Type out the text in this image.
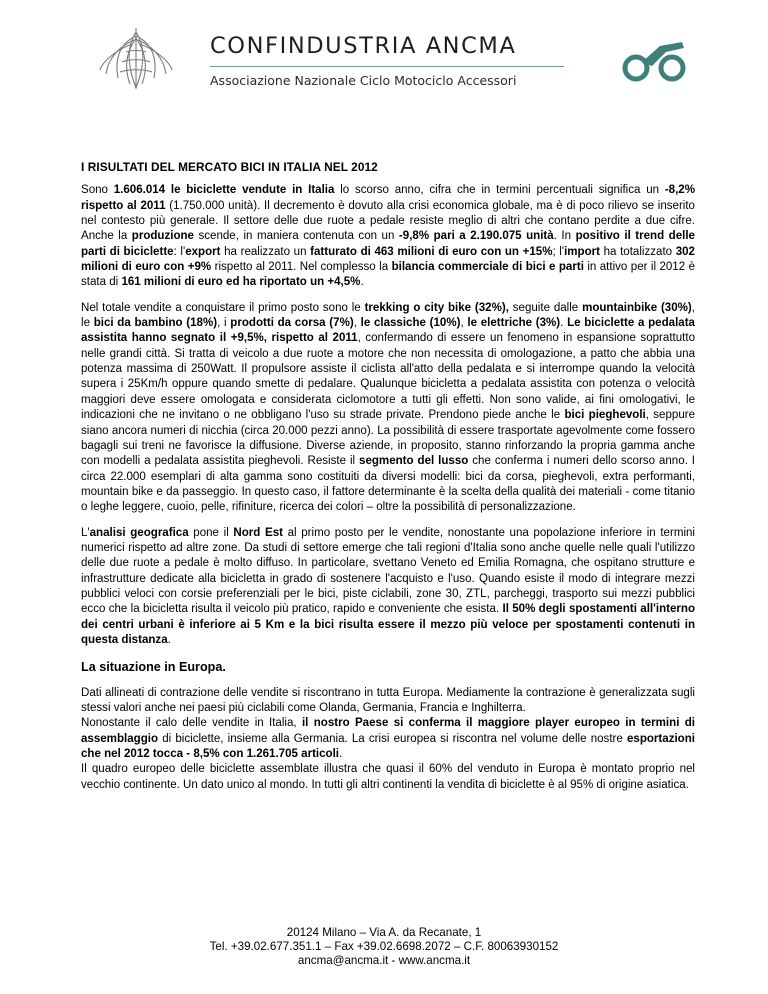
CONFINDUSTRIA ANCMA
Associazione Nazionale Ciclo Motociclo Accessori
I RISULTATI DEL MERCATO BICI IN ITALIA NEL 2012

Sono 1.606.014 le biciclette vendute in Italia lo scorso anno, cifra che in termini percentuali significa un -8,2% rispetto al 2011 (1.750.000 unità). Il decremento è dovuto alla crisi economica globale, ma è di poco rilievo se inserito nel contesto più generale. Il settore delle due ruote a pedale resiste meglio di altri che contano perdite a due cifre. Anche la produzione scende, in maniera contenuta con un -9,8% pari a 2.190.075 unità. In positivo il trend delle parti di biciclette: l'export ha realizzato un fatturato di 463 milioni di euro con un +15%; l'import ha totalizzato 302 milioni di euro con +9% rispetto al 2011. Nel complesso la bilancia commerciale di bici e parti in attivo per il 2012 è stata di 161 milioni di euro ed ha riportato un +4,5%.

Nel totale vendite a conquistare il primo posto sono le trekking o city bike (32%), seguite dalle mountainbike (30%), le bici da bambino (18%), i prodotti da corsa (7%), le classiche (10%), le elettriche (3%). Le biciclette a pedalata assistita hanno segnato il +9,5%, rispetto al 2011, confermando di essere un fenomeno in espansione soprattutto nelle grandi città. Si tratta di veicolo a due ruote a motore che non necessita di omologazione, a patto che abbia una potenza massima di 250Watt. Il propulsore assiste il ciclista all'atto della pedalata e si interrompe quando la velocità supera i 25Km/h oppure quando smette di pedalare. Qualunque bicicletta a pedalata assistita con potenza o velocità maggiori deve essere omologata e considerata ciclomotore a tutti gli effetti. Non sono valide, ai fini omologativi, le indicazioni che ne invitano o ne obbligano l'uso su strade private. Prendono piede anche le bici pieghevoli, seppure siano ancora numeri di nicchia (circa 20.000 pezzi anno). La possibilità di essere trasportate agevolmente come fossero bagagli sui treni ne favorisce la diffusione. Diverse aziende, in proposito, stanno rinforzando la propria gamma anche con modelli a pedalata assistita pieghevoli. Resiste il segmento del lusso che conferma i numeri dello scorso anno. I circa 22.000 esemplari di alta gamma sono costituiti da diversi modelli: bici da corsa, pieghevoli, extra performanti, mountain bike e da passeggio. In questo caso, il fattore determinante è la scelta della qualità dei materiali - come titanio o leghe leggere, cuoio, pelle, rifiniture, ricerca dei colori – oltre la possibilità di personalizzazione.

L'analisi geografica pone il Nord Est al primo posto per le vendite, nonostante una popolazione inferiore in termini numerici rispetto ad altre zone. Da studi di settore emerge che tali regioni d'Italia sono anche quelle nelle quali l'utilizzo delle due ruote a pedale è molto diffuso. In particolare, svettano Veneto ed Emilia Romagna, che ospitano strutture e infrastrutture dedicate alla bicicletta in grado di sostenere l'acquisto e l'uso. Quando esiste il modo di integrare mezzi pubblici veloci con corsie preferenziali per le bici, piste ciclabili, zone 30, ZTL, parcheggi, trasporto sui mezzi pubblici ecco che la bicicletta risulta il veicolo più pratico, rapido e conveniente che esista. Il 50% degli spostamenti all'interno dei centri urbani è inferiore ai 5 Km e la bici risulta essere il mezzo più veloce per spostamenti contenuti in questa distanza.

La situazione in Europa.

Dati allineati di contrazione delle vendite si riscontrano in tutta Europa. Mediamente la contrazione è generalizzata sugli stessi valori anche nei paesi più ciclabili come Olanda, Germania, Francia e Inghilterra.

Nonostante il calo delle vendite in Italia, il nostro Paese si conferma il maggiore player europeo in termini di assemblaggio di biciclette, insieme alla Germania. La crisi europea si riscontra nel volume delle nostre esportazioni che nel 2012 tocca - 8,5% con 1.261.705 articoli.

Il quadro europeo delle biciclette assemblate illustra che quasi il 60% del venduto in Europa è montato proprio nel vecchio continente. Un dato unico al mondo. In tutti gli altri continenti la vendita di biciclette è al 95% di origine asiatica.

20124 Milano – Via A. da Recanate, 1
Tel. +39.02.677.351.1 – Fax +39.02.6698.2072 – C.F. 80063930152
ancma@ancma.it - www.ancma.it
